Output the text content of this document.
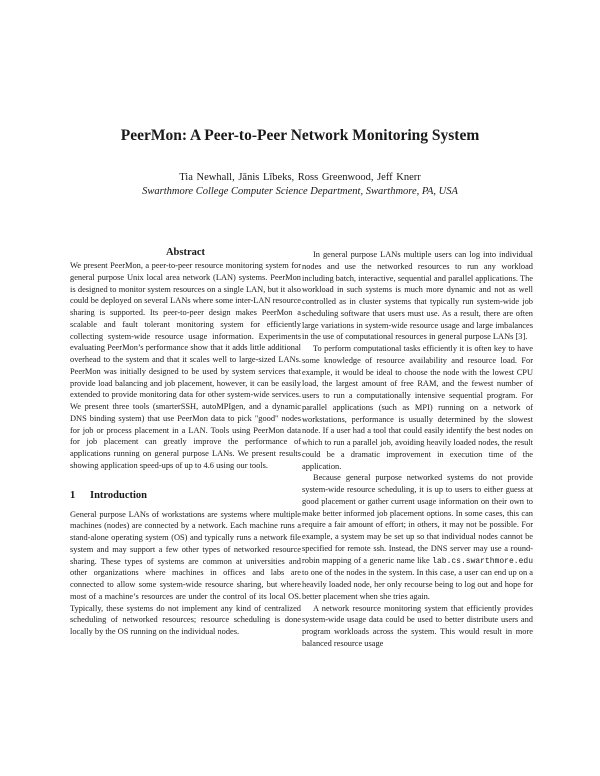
PeerMon: A Peer-to-Peer Network Monitoring System
Tia Newhall, Jānis Lībeks, Ross Greenwood, Jeff Knerr
Swarthmore College Computer Science Department, Swarthmore, PA, USA
Abstract

We present PeerMon, a peer-to-peer resource monitoring system for general purpose Unix local area network (LAN) systems. PeerMon is designed to monitor system resources on a single LAN, but it also could be deployed on several LANs where some inter-LAN resource sharing is supported. Its peer-to-peer design makes PeerMon a scalable and fault tolerant monitoring system for efficiently collecting system-wide resource usage information. Experiments evaluating PeerMon’s performance show that it adds little additional overhead to the system and that it scales well to large-sized LANs. PeerMon was initially designed to be used by system services that provide load balancing and job placement, however, it can be easily extended to provide monitoring data for other system-wide services. We present three tools (smarterSSH, autoMPIgen, and a dynamic DNS binding system) that use PeerMon data to pick "good" nodes for job or process placement in a LAN. Tools using PeerMon data for job placement can greatly improve the performance of applications running on general purpose LANs. We present results showing application speed-ups of up to 4.6 using our tools.

1 Introduction

General purpose LANs of workstations are systems where multiple machines (nodes) are connected by a network. Each machine runs a stand-alone operating system (OS) and typically runs a network file system and may support a few other types of networked resource sharing. These types of systems are common at universities and other organizations where machines in offices and labs are connected to allow some system-wide resource sharing, but where most of a machine’s resources are under the control of its local OS. Typically, these systems do not implement any kind of centralized scheduling of networked resources; resource scheduling is done locally by the OS running on the individual nodes.

In general purpose LANs multiple users can log into individual nodes and use the networked resources to run any workload including batch, interactive, sequential and parallel applications. The workload in such systems is much more dynamic and not as well controlled as in cluster systems that typically run system-wide job scheduling software that users must use. As a result, there are often large variations in system-wide resource usage and large imbalances in the use of computational resources in general purpose LANs [3].

To perform computational tasks efficiently it is often key to have some knowledge of resource availability and resource load. For example, it would be ideal to choose the node with the lowest CPU load, the largest amount of free RAM, and the fewest number of users to run a computationally intensive sequential program. For parallel applications (such as MPI) running on a network of workstations, performance is usually determined by the slowest node. If a user had a tool that could easily identify the best nodes on which to run a parallel job, avoiding heavily loaded nodes, the result could be a dramatic improvement in execution time of the application.

Because general purpose networked systems do not provide system-wide resource scheduling, it is up to users to either guess at good placement or gather current usage information on their own to make better informed job placement options. In some cases, this can require a fair amount of effort; in others, it may not be possible. For example, a system may be set up so that individual nodes cannot be specified for remote ssh. Instead, the DNS server may use a round-robin mapping of a generic name like lab.cs.swarthmore.edu to one of the nodes in the system. In this case, a user can end up on a heavily loaded node, her only recourse being to log out and hope for better placement when she tries again.

A network resource monitoring system that efficiently provides system-wide usage data could be used to better distribute users and program workloads across the system. This would result in more balanced resource usage
